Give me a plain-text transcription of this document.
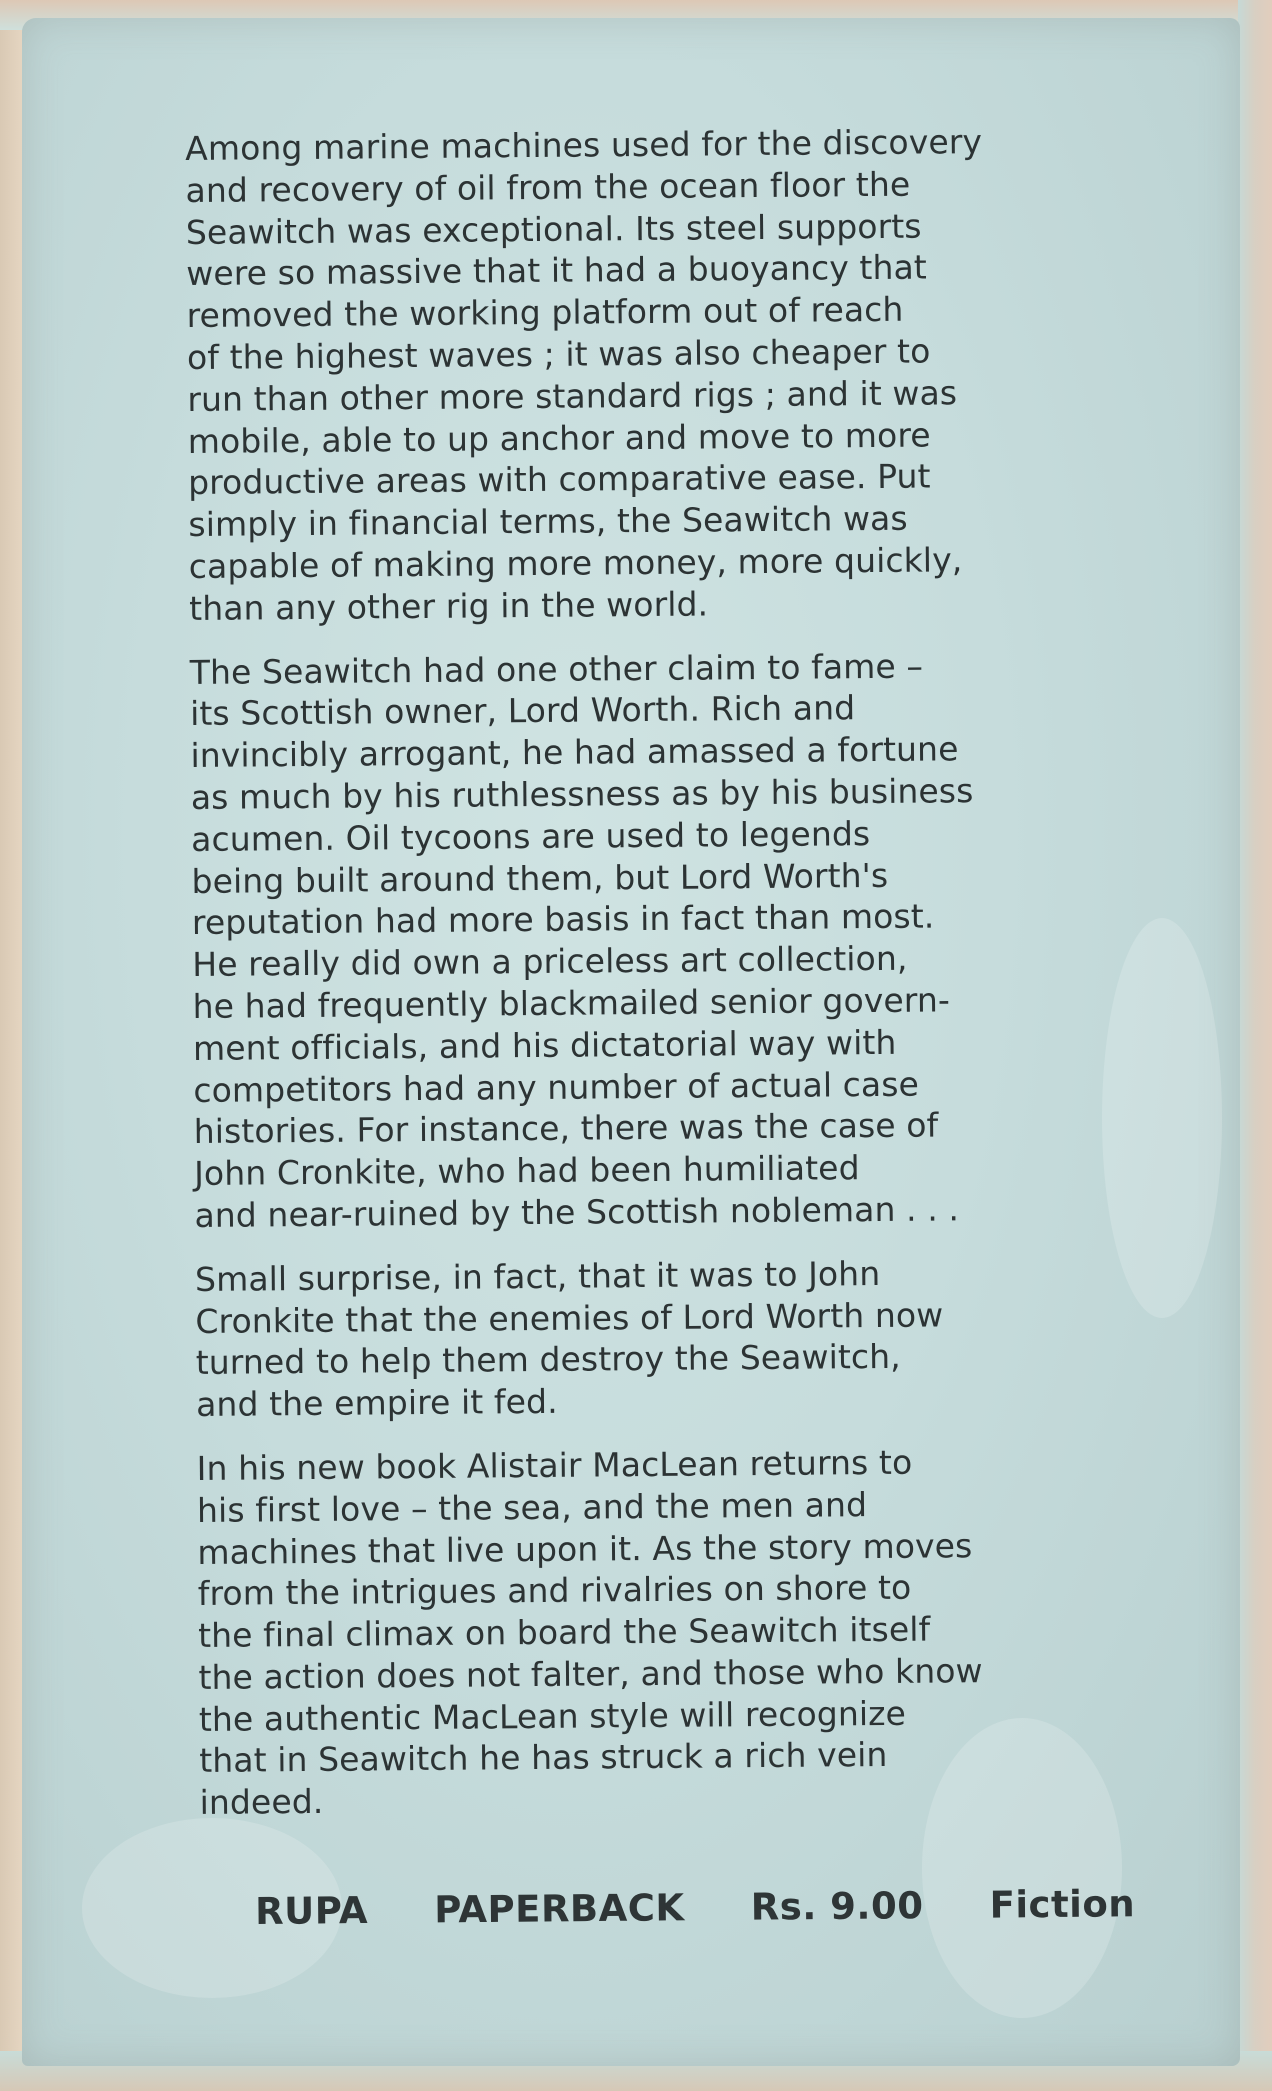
Among marine machines used for the discovery
and recovery of oil from the ocean floor the
Seawitch was exceptional. Its steel supports
were so massive that it had a buoyancy that
removed the working platform out of reach
of the highest waves ; it was also cheaper to
run than other more standard rigs ; and it was
mobile, able to up anchor and move to more
productive areas with comparative ease. Put
simply in financial terms, the Seawitch was
capable of making more money, more quickly,
than any other rig in the world.

The Seawitch had one other claim to fame –
its Scottish owner, Lord Worth. Rich and
invincibly arrogant, he had amassed a fortune
as much by his ruthlessness as by his business
acumen. Oil tycoons are used to legends
being built around them, but Lord Worth's
reputation had more basis in fact than most.
He really did own a priceless art collection,
he had frequently blackmailed senior govern-
ment officials, and his dictatorial way with
competitors had any number of actual case
histories. For instance, there was the case of
John Cronkite, who had been humiliated
and near-ruined by the Scottish nobleman . . .

Small surprise, in fact, that it was to John
Cronkite that the enemies of Lord Worth now
turned to help them destroy the Seawitch,
and the empire it fed.

In his new book Alistair MacLean returns to
his first love – the sea, and the men and
machines that live upon it. As the story moves
from the intrigues and rivalries on shore to
the final climax on board the Seawitch itself
the action does not falter, and those who know
the authentic MacLean style will recognize
that in Seawitch he has struck a rich vein
indeed.

RUPA PAPERBACK Rs. 9.00 Fiction
